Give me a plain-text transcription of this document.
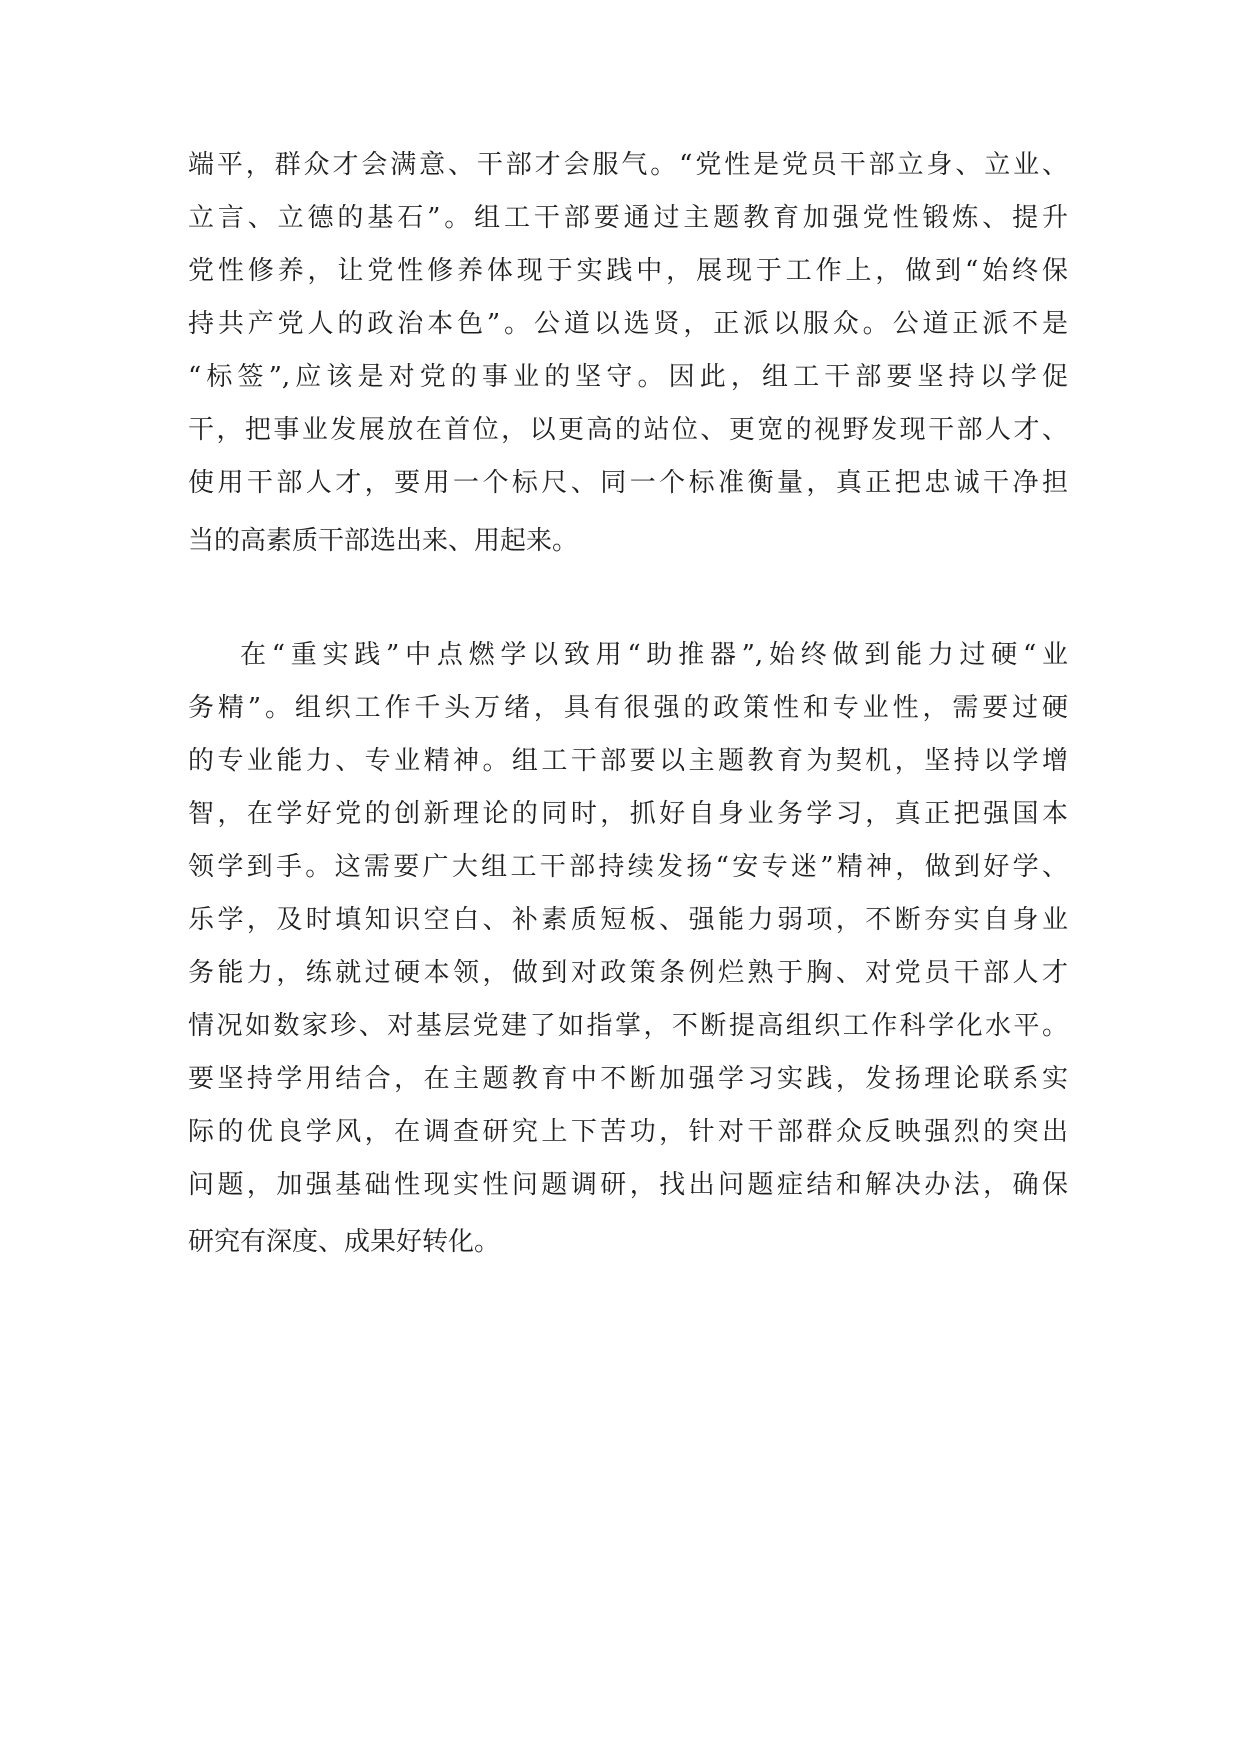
端平，群众才会满意、干部才会服气。“党性是党员干部立身、立业、
立言、立德的基石”。组工干部要通过主题教育加强党性锻炼、提升
党性修养，让党性修养体现于实践中，展现于工作上，做到“始终保
持共产党人的政治本色”。公道以选贤，正派以服众。公道正派不是
“标签”,应该是对党的事业的坚守。因此，组工干部要坚持以学促
干，把事业发展放在首位，以更高的站位、更宽的视野发现干部人才、
使用干部人才，要用一个标尺、同一个标准衡量，真正把忠诚干净担
当的高素质干部选出来、用起来。
在“重实践”中点燃学以致用“助推器”,始终做到能力过硬“业
务精”。组织工作千头万绪，具有很强的政策性和专业性，需要过硬
的专业能力、专业精神。组工干部要以主题教育为契机，坚持以学增
智，在学好党的创新理论的同时，抓好自身业务学习，真正把强国本
领学到手。这需要广大组工干部持续发扬“安专迷”精神，做到好学、
乐学，及时填知识空白、补素质短板、强能力弱项，不断夯实自身业
务能力，练就过硬本领，做到对政策条例烂熟于胸、对党员干部人才
情况如数家珍、对基层党建了如指掌，不断提高组织工作科学化水平。
要坚持学用结合，在主题教育中不断加强学习实践，发扬理论联系实
际的优良学风，在调查研究上下苦功，针对干部群众反映强烈的突出
问题，加强基础性现实性问题调研，找出问题症结和解决办法，确保
研究有深度、成果好转化。
